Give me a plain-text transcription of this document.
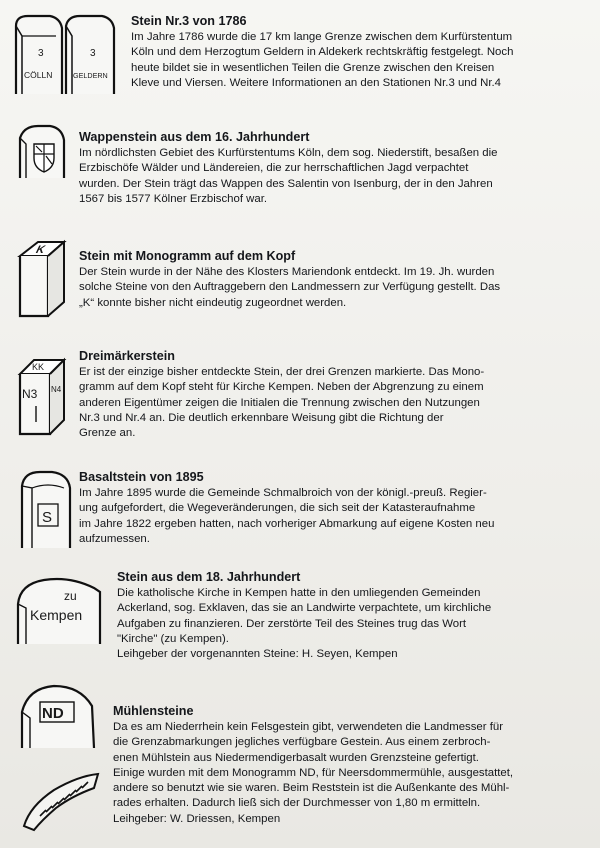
3
CÖLLN
3
GELDERN
Stein Nr.3 von 1786

Im Jahre 1786 wurde die 17 km lange Grenze zwischen dem Kurfürstentum
Köln und dem Herzogtum Geldern in Aldekerk rechtskräftig festgelegt. Noch
heute bildet sie in wesentlichen Teilen die Grenze zwischen den Kreisen
Kleve und Viersen. Weitere Informationen an den Stationen Nr.3 und Nr.4

Wappenstein aus dem 16. Jahrhundert

Im nördlichsten Gebiet des Kurfürstentums Köln, dem sog. Niederstift, besaßen die
Erzbischöfe Wälder und Ländereien, die zur herrschaftlichen Jagd verpachtet
wurden. Der Stein trägt das Wappen des Salentin von Isenburg, der in den Jahren
1567 bis 1577 Kölner Erzbischof war.

K	Stein mit Monogramm auf dem Kopf

Der Stein wurde in der Nähe des Klosters Mariendonk entdeckt. Im 19. Jh. wurden
solche Steine von den Auftraggebern den Landmessern zur Verfügung gestellt. Das
„K“ konnte bisher nicht eindeutig zugeordnet werden.

KK
N3 N4
Dreimärkerstein

Er ist der einzige bisher entdeckte Stein, der drei Grenzen markierte. Das Mono-
gramm auf dem Kopf steht für Kirche Kempen. Neben der Abgrenzung zu einem
anderen Eigentümer zeigen die Initialen die Trennung zwischen den Nutzungen
Nr.3 und Nr.4 an. Die deutlich erkennbare Weisung gibt die Richtung der
Grenze an.

S
Basaltstein von 1895

Im Jahre 1895 wurde die Gemeinde Schmalbroich von der königl.-preuß. Regier-
ung aufgefordert, die Wegeveränderungen, die sich seit der Katasteraufnahme
im Jahre 1822 ergeben hatten, nach vorheriger Abmarkung auf eigene Kosten neu
aufzumessen.

zu
Kempen
Stein aus dem 18. Jahrhundert

Die katholische Kirche in Kempen hatte in den umliegenden Gemeinden
Ackerland, sog. Exklaven, das sie an Landwirte verpachtete, um kirchliche
Aufgaben zu finanzieren. Der zerstörte Teil des Steines trug das Wort
"Kirche" (zu Kempen).
Leihgeber der vorgenannten Steine: H. Seyen, Kempen

ND	Mühlensteine

Da es am Niederrhein kein Felsgestein gibt, verwendeten die Landmesser für
die Grenzabmarkungen jegliches verfügbare Gestein. Aus einem zerbroch-
enen Mühlstein aus Niedermendigerbasalt wurden Grenzsteine gefertigt.
Einige wurden mit dem Monogramm ND, für Neersdommermühle, ausgestattet,
andere so benutzt wie sie waren. Beim Reststein ist die Außenkante des Mühl-
rades erhalten. Dadurch ließ sich der Durchmesser von 1,80 m ermitteln.
Leihgeber: W. Driessen, Kempen
